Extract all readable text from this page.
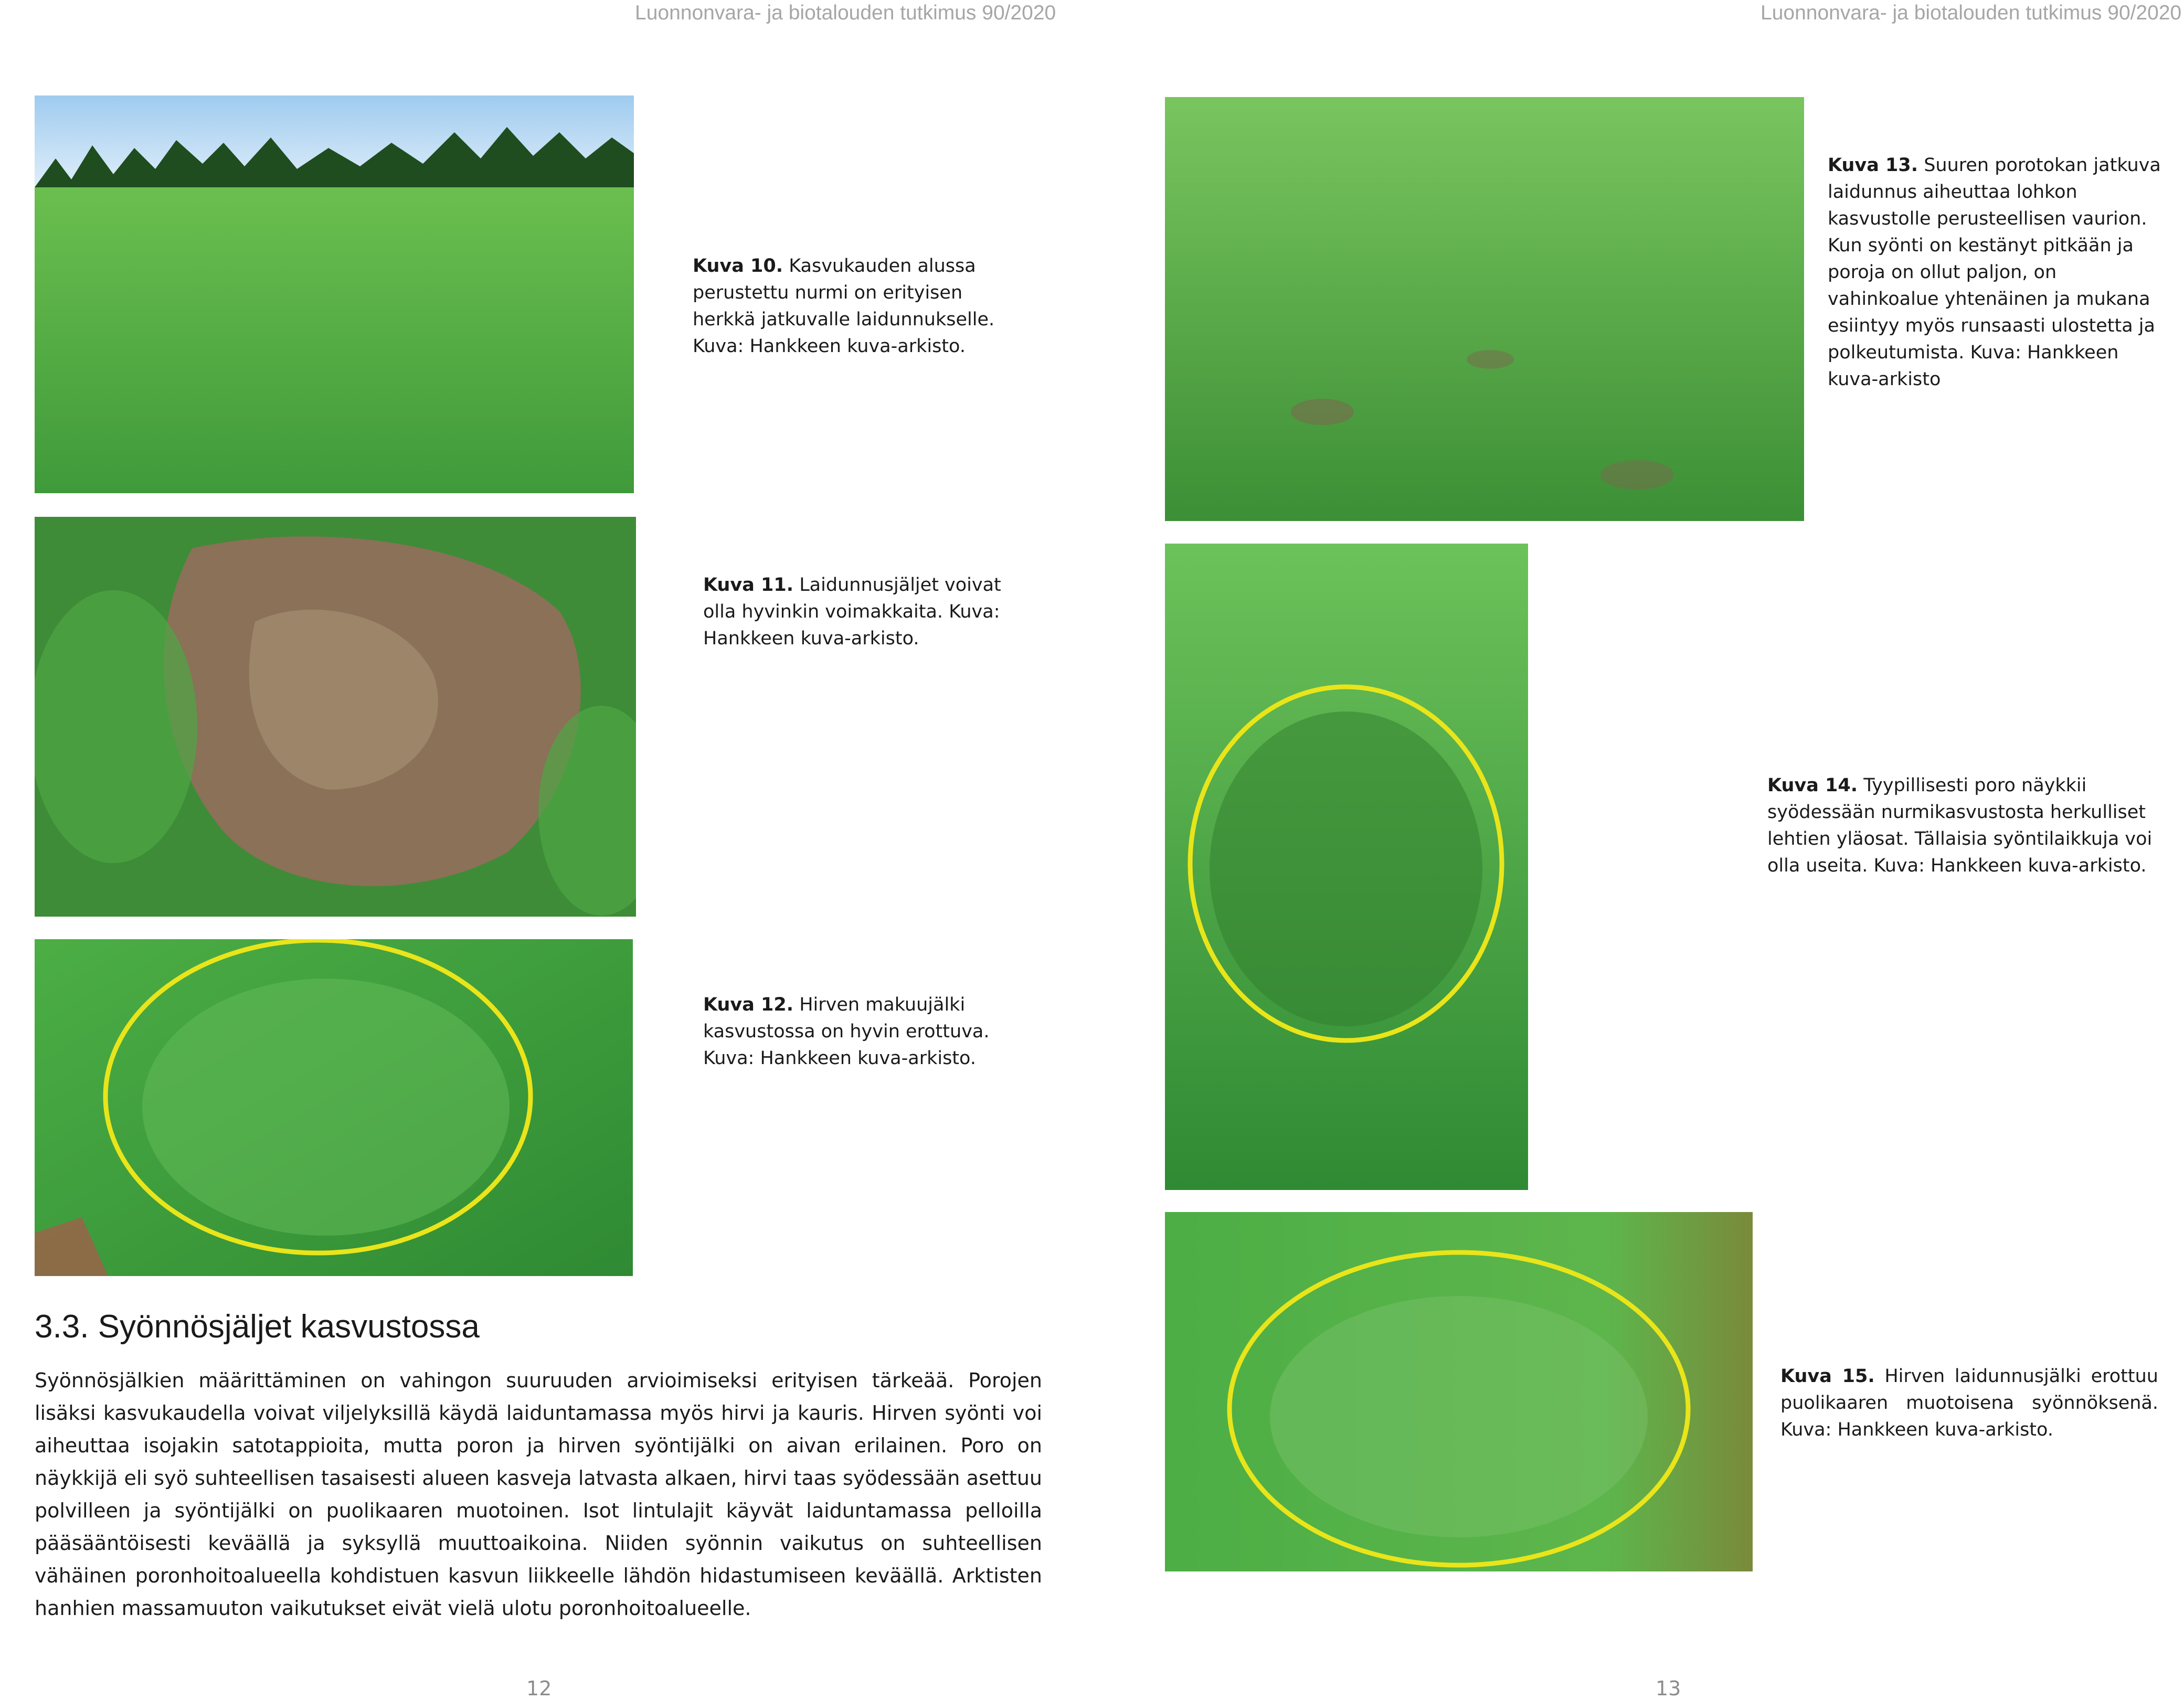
Luonnonvara- ja biotalouden tutkimus 90/2020	Luonnonvara- ja biotalouden tutkimus 90/2020
Kuva 10. Kasvukauden alussa perustettu nurmi on erityisen herkkä jatkuvalle laidunnukselle. Kuva: Hankkeen kuva-arkisto.
Kuva 11. Laidunnusjäljet voivat olla hyvinkin voimakkaita. Kuva: Hankkeen kuva-arkisto.
Kuva 12. Hirven makuujälki kasvustossa on hyvin erottuva. Kuva: Hankkeen kuva-arkisto.
3.3. Syönnösjäljet kasvustossa
Syönnösjälkien määrittäminen on vahingon suuruuden arvioimiseksi erityisen tärkeää. Porojen lisäksi kasvukaudella voivat viljelyksillä käydä laiduntamassa myös hirvi ja kauris. Hirven syönti voi aiheuttaa isojakin satotappioita, mutta poron ja hirven syöntijälki on aivan erilainen. Poro on näykkijä eli syö suhteellisen tasaisesti alueen kasveja latvasta alkaen, hirvi taas syödessään asettuu polvilleen ja syöntijälki on puolikaaren muotoinen. Isot lintulajit käyvät laiduntamassa pelloilla pääsääntöisesti keväällä ja syksyllä muuttoaikoina. Niiden syönnin vaikutus on suhteellisen vähäinen poronhoitoalueella kohdistuen kasvun liikkeelle lähdön hidastumiseen keväällä. Arktisten hanhien massamuuton vaikutukset eivät vielä ulotu poronhoitoalueelle.
12
Kuva 13. Suuren porotokan jatkuva laidunnus aiheuttaa lohkon kasvustolle perusteellisen vaurion. Kun syönti on kestänyt pitkään ja poroja on ollut paljon, on vahinkoalue yhtenäinen ja mukana esiintyy myös runsaasti ulostetta ja polkeutumista. Kuva: Hankkeen kuva-arkisto
Kuva 14. Tyypillisesti poro näykkii syödessään nurmikasvustosta herkulliset lehtien yläosat. Tällaisia syöntilaikkuja voi olla useita. Kuva: Hankkeen kuva-arkisto.
Kuva 15. Hirven laidunnusjälki erottuu puolikaaren muotoisena syönnöksenä. Kuva: Hankkeen kuva-arkisto.
13
